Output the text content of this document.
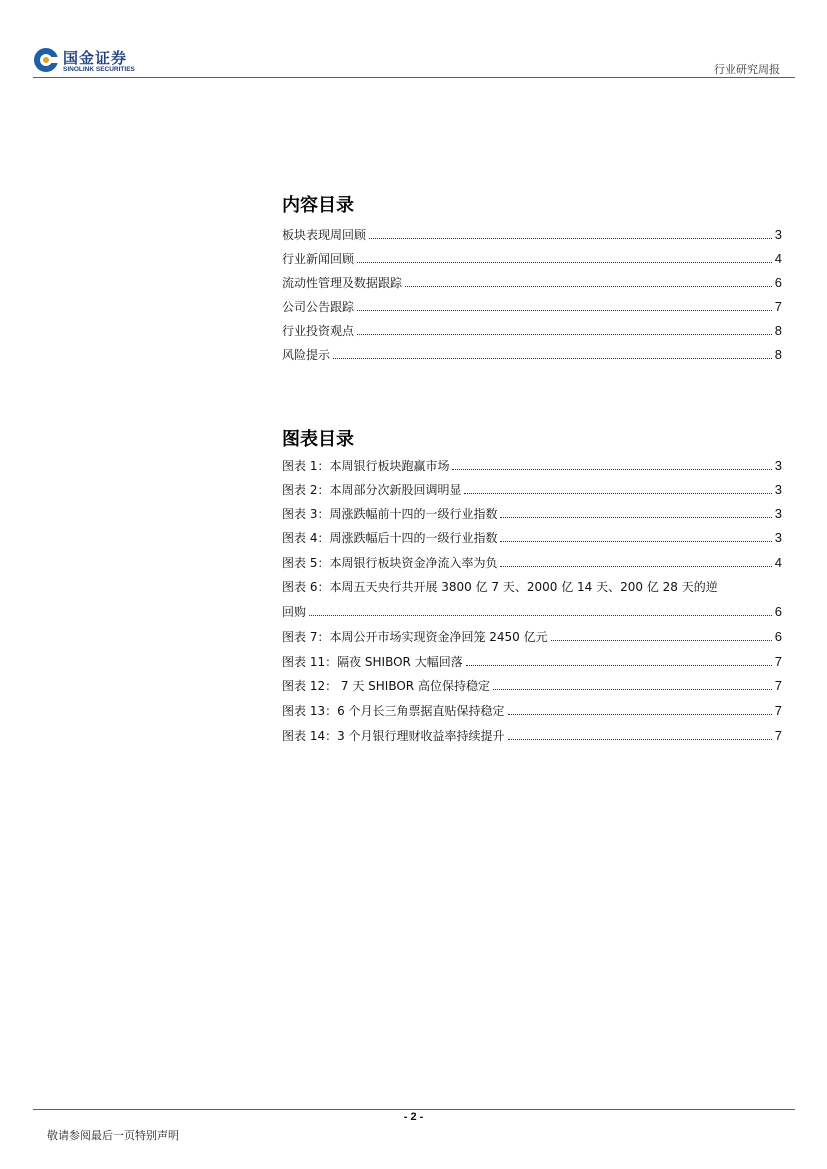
国金证券
SINOLINK SECURITIES	行业研究周报
内容目录
板块表现周回顾	3
行业新闻回顾	4
流动性管理及数据跟踪	6
公司公告跟踪	7
行业投资观点	8
风险提示	8
图表目录
图表 1：本周银行板块跑赢市场	3
图表 2：本周部分次新股回调明显	3
图表 3：周涨跌幅前十四的一级行业指数	3
图表 4：周涨跌幅后十四的一级行业指数	3
图表 5：本周银行板块资金净流入率为负	4
图表 6：本周五天央行共开展 3800 亿 7 天、2000 亿 14 天、200 亿 28 天的逆
回购	6
图表 7：本周公开市场实现资金净回笼 2450 亿元	6
图表 11：隔夜 SHIBOR 大幅回落	7
图表 12： 7 天 SHIBOR 高位保持稳定	7
图表 13：6 个月长三角票据直贴保持稳定	7
图表 14：3 个月银行理财收益率持续提升	7
- 2 -
敬请参阅最后一页特别声明
